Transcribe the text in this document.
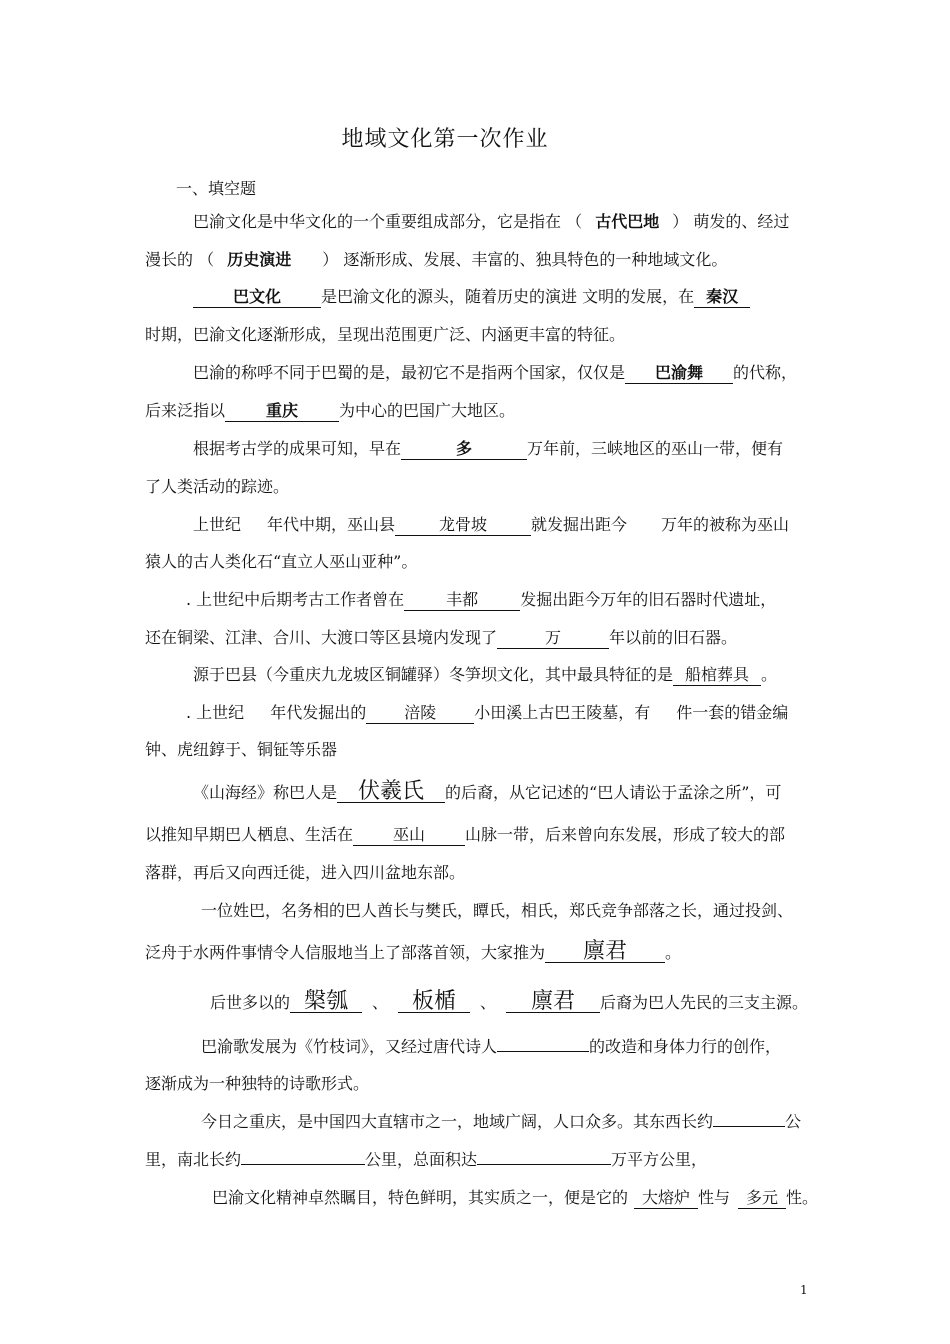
地域文化第一次作业
一、填空题
巴渝文化是中华文化的一个重要组成部分，它是指在 （ 古代巴地 ） 萌发的、经过
漫长的 （ 历史演进 ） 逐渐形成、发展、丰富的、独具特色的一种地域文化。
巴文化	是巴渝文化的源头，随着历史的演进 文明的发展，在 秦汉
时期，巴渝文化逐渐形成，呈现出范围更广泛、内涵更丰富的特征。
巴渝的称呼不同于巴蜀的是，最初它不是指两个国家，仅仅是 巴渝舞 的代称，
后来泛指以	重庆	为中心的巴国广大地区。
根据考古学的成果可知，早在	多	万年前，三峡地区的巫山一带，便有
了人类活动的踪迹。
上世纪 年代中期，巫山县	龙骨坡	就发掘出距今 万年的被称为巫山
猿人的古人类化石“直立人巫山亚种”。
. 上世纪中后期考古工作者曾在	丰都	发掘出距今万年的旧石器时代遗址，
还在铜梁、江津、合川、大渡口等区县境内发现了	万	年以前的旧石器。
源于巴县（今重庆九龙坡区铜罐驿）冬笋坝文化，其中最具特征的是 船棺葬具 。
. 上世纪 年代发掘出的 涪陵 小田溪上古巴王陵墓，有 件一套的错金编
钟、虎纽錞于、铜钲等乐器
《山海经》称巴人是 伏羲氏 的后裔，从它记述的“巴人请讼于孟涂之所”，可
以推知早期巴人栖息、生活在 巫山	山脉一带，后来曾向东发展，形成了较大的部
落群，再后又向西迁徙，进入四川盆地东部。
一位姓巴，名务相的巴人酋长与樊氏，瞫氏，相氏，郑氏竞争部落之长，通过投剑、
泛舟于水两件事情令人信服地当上了部落首领，大家推为 廪君 。
后世多以的 槃瓠 、 板楯 、 廪君 后裔为巴人先民的三支主源。
巴渝歌发展为《竹枝词》，又经过唐代诗人	的改造和身体力行的创作，
逐渐成为一种独特的诗歌形式。
今日之重庆，是中国四大直辖市之一，地域广阔，人口众多。其东西长约	公
里，南北长约	公里，总面积达	万平方公里，
巴渝文化精神卓然瞩目，特色鲜明，其实质之一，便是它的 大熔炉 性与 多元 性。
1
